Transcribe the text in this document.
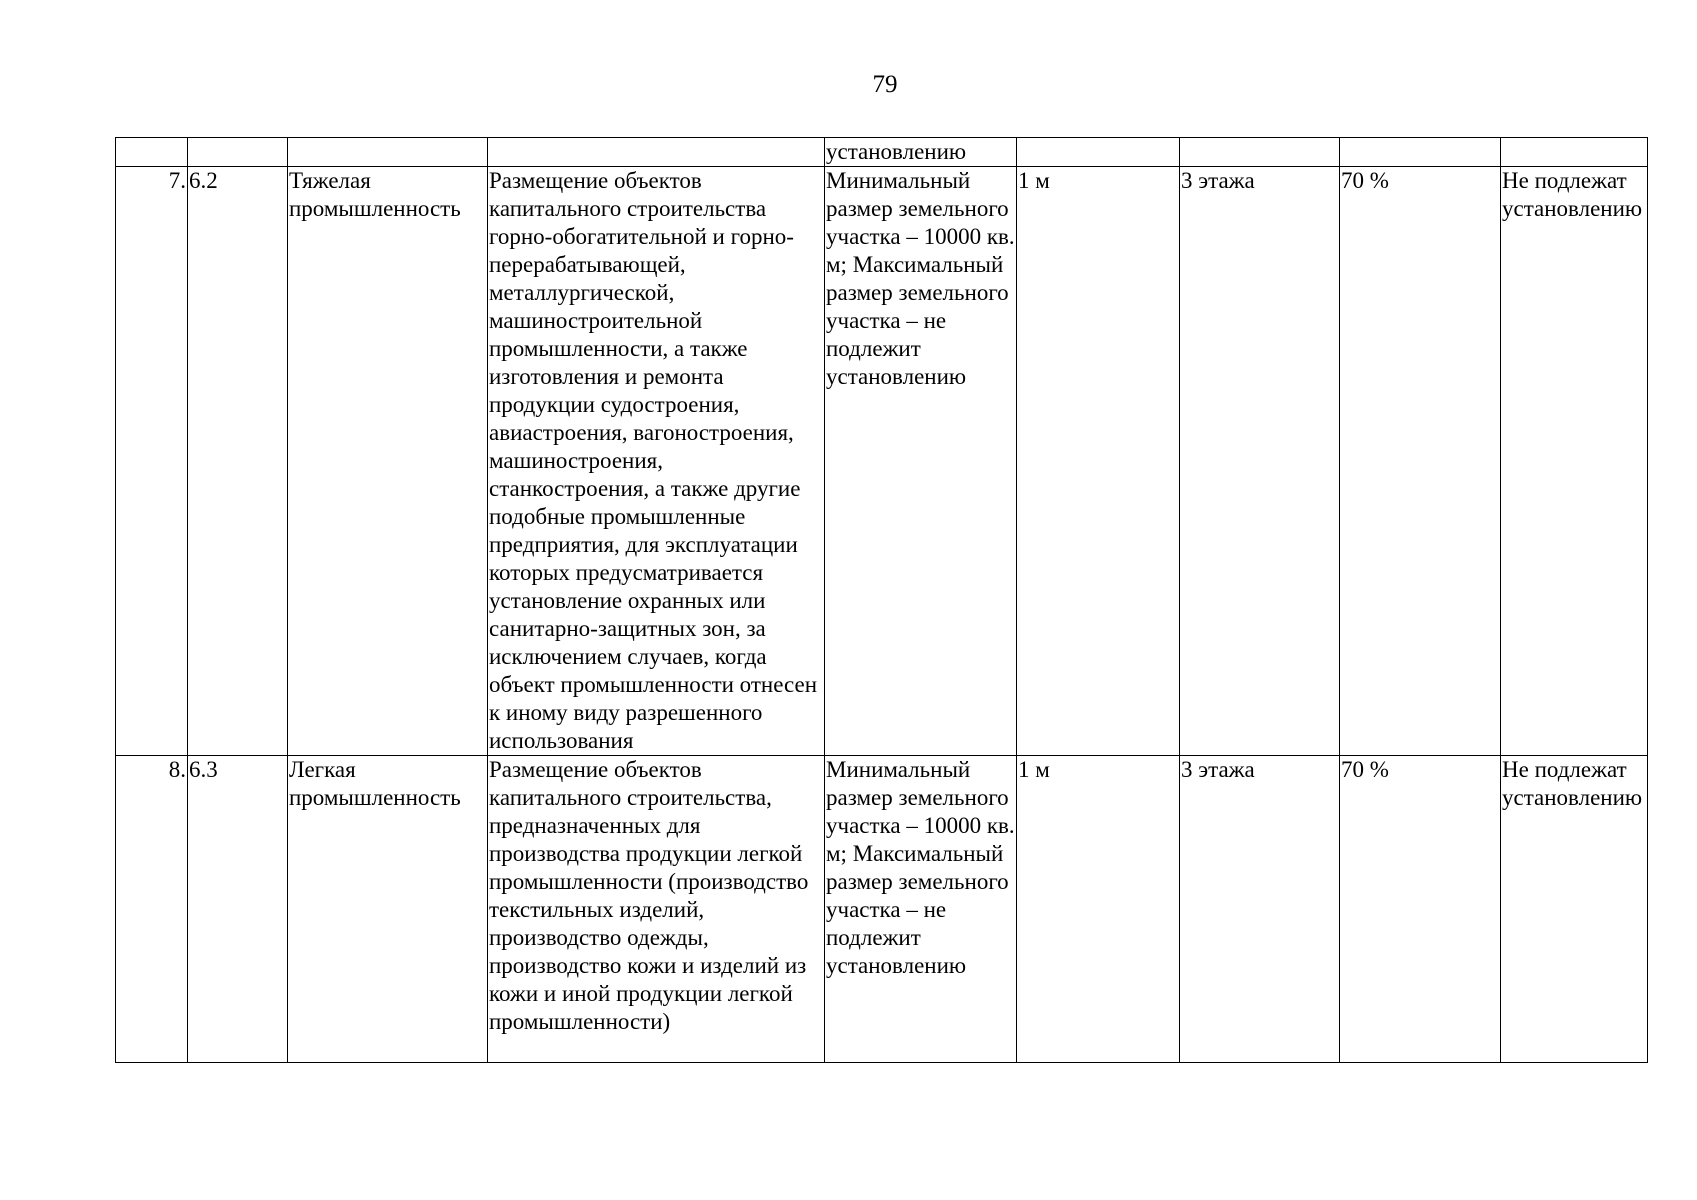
79
				установлению				
7.	6.2	Тяжелая промышленность	Размещение объектов капитального строительства горно-обогатительной и горно-перерабатывающей, металлургической, машиностроительной промышленности, а также изготовления и ремонта продукции судостроения, авиастроения, вагоностроения, машиностроения, станкостроения, а также другие подобные промышленные предприятия, для эксплуатации которых предусматривается установление охранных или санитарно-защитных зон, за исключением случаев, когда объект промышленности отнесен к иному виду разрешенного использования	Минимальный размер земельного участка – 10000 кв. м; Максимальный размер земельного участка – не подлежит установлению	1 м	3 этажа	70 %	Не подлежат установлению
8.	6.3	Легкая промышленность	Размещение объектов капитального строительства, предназначенных для производства продукции легкой промышленности (производство текстильных изделий, производство одежды, производство кожи и изделий из кожи и иной продукции легкой промышленности)	Минимальный размер земельного участка – 10000 кв. м; Максимальный размер земельного участка – не подлежит установлению	1 м	3 этажа	70 %	Не подлежат установлению
